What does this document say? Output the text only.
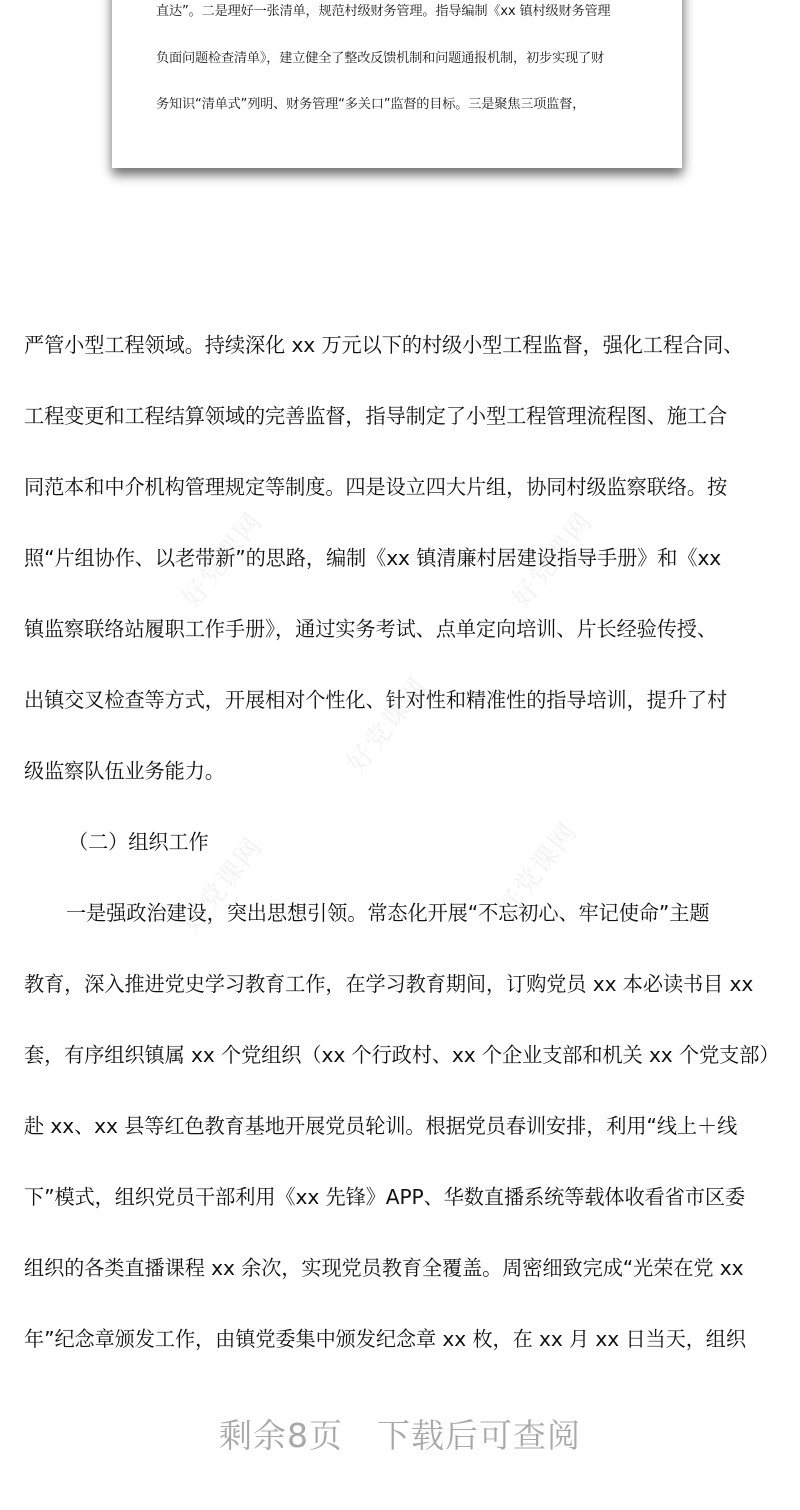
好党课网	好党课网
好党课网
好党课网	好党课网
直达”。二是理好一张清单，规范村级财务管理。指导编制《xx 镇村级财务管理
负面问题检查清单》，建立健全了整改反馈机制和问题通报机制，初步实现了财
务知识“清单式”列明、财务管理“多关口”监督的目标。三是聚焦三项监督，
严管小型工程领域。持续深化 xx 万元以下的村级小型工程监督，强化工程合同、
工程变更和工程结算领域的完善监督，指导制定了小型工程管理流程图、施工合
同范本和中介机构管理规定等制度。四是设立四大片组，协同村级监察联络。按
照“片组协作、以老带新”的思路，编制《xx 镇清廉村居建设指导手册》和《xx
镇监察联络站履职工作手册》，通过实务考试、点单定向培训、片长经验传授、
出镇交叉检查等方式，开展相对个性化、针对性和精准性的指导培训，提升了村
级监察队伍业务能力。
（二）组织工作
一是强政治建设，突出思想引领。常态化开展“不忘初心、牢记使命”主题
教育，深入推进党史学习教育工作，在学习教育期间，订购党员 xx 本必读书目 xx
套，有序组织镇属 xx 个党组织（xx 个行政村、xx 个企业支部和机关 xx 个党支部）
赴 xx、xx 县等红色教育基地开展党员轮训。根据党员春训安排，利用“线上＋线
下”模式，组织党员干部利用《xx 先锋》APP、华数直播系统等载体收看省市区委
组织的各类直播课程 xx 余次，实现党员教育全覆盖。周密细致完成“光荣在党 xx
年”纪念章颁发工作，由镇党委集中颁发纪念章 xx 枚，在 xx 月 xx 日当天，组织
剩余8页 下载后可查阅
